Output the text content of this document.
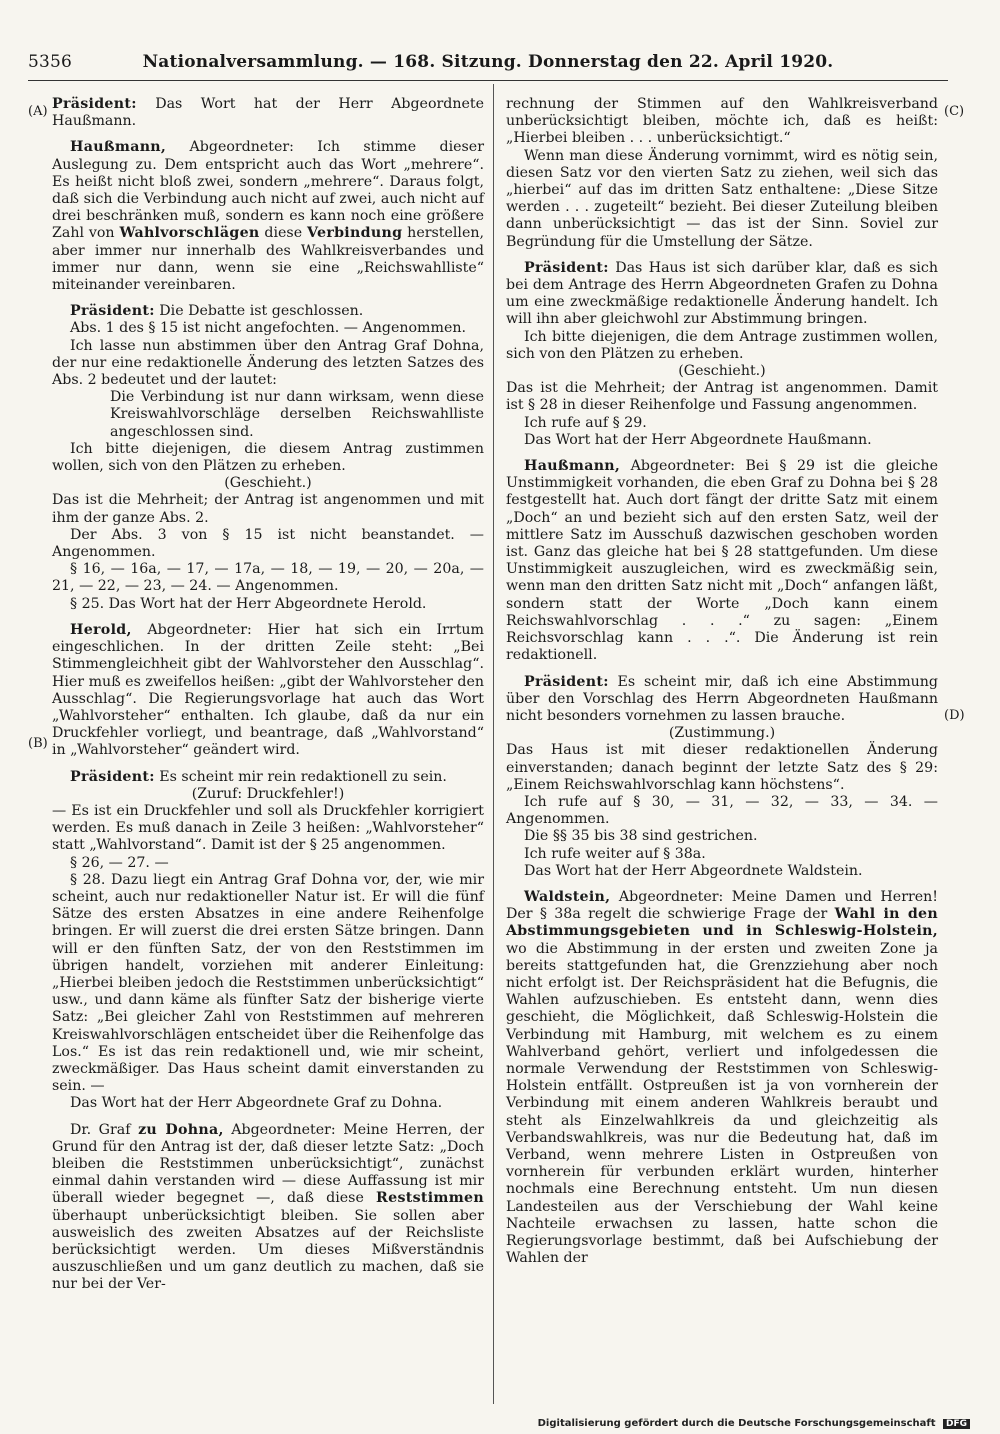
5356	Nationalversammlung. — 168. Sitzung. Donnerstag den 22. April 1920.
(A)
(B)
(C)
(D)

Präsident: Das Wort hat der Herr Abgeordnete Haußmann.

Haußmann, Abgeordneter: Ich stimme dieser Auslegung zu. Dem entspricht auch das Wort „mehrere“. Es heißt nicht bloß zwei, sondern „mehrere“. Daraus folgt, daß sich die Verbindung auch nicht auf zwei, auch nicht auf drei beschränken muß, sondern es kann noch eine größere Zahl von Wahlvorschlägen diese Verbindung herstellen, aber immer nur innerhalb des Wahlkreisverbandes und immer nur dann, wenn sie eine „Reichswahlliste“ miteinander vereinbaren.

Präsident: Die Debatte ist geschlossen.

Abs. 1 des § 15 ist nicht angefochten. — Angenommen.

Ich lasse nun abstimmen über den Antrag Graf Dohna, der nur eine redaktionelle Änderung des letzten Satzes des Abs. 2 bedeutet und der lautet:

Die Verbindung ist nur dann wirksam, wenn diese Kreiswahlvorschläge derselben Reichswahlliste angeschlossen sind.

Ich bitte diejenigen, die diesem Antrag zustimmen wollen, sich von den Plätzen zu erheben.

(Geschieht.)

Das ist die Mehrheit; der Antrag ist angenommen und mit ihm der ganze Abs. 2.

Der Abs. 3 von § 15 ist nicht beanstandet. — Angenommen.

§ 16, — 16a, — 17, — 17a, — 18, — 19, — 20, — 20a, — 21, — 22, — 23, — 24. — Angenommen.

§ 25. Das Wort hat der Herr Abgeordnete Herold.

Herold, Abgeordneter: Hier hat sich ein Irrtum eingeschlichen. In der dritten Zeile steht: „Bei Stimmengleichheit gibt der Wahlvorsteher den Ausschlag“. Hier muß es zweifellos heißen: „gibt der Wahlvorsteher den Ausschlag“. Die Regierungsvorlage hat auch das Wort „Wahlvorsteher“ enthalten. Ich glaube, daß da nur ein Druckfehler vorliegt, und beantrage, daß „Wahlvorstand“ in „Wahlvorsteher“ geändert wird.

Präsident: Es scheint mir rein redaktionell zu sein.

(Zuruf: Druckfehler!)

— Es ist ein Druckfehler und soll als Druckfehler korrigiert werden. Es muß danach in Zeile 3 heißen: „Wahlvorsteher“ statt „Wahlvorstand“. Damit ist der § 25 angenommen.

§ 26, — 27. —

§ 28. Dazu liegt ein Antrag Graf Dohna vor, der, wie mir scheint, auch nur redaktioneller Natur ist. Er will die fünf Sätze des ersten Absatzes in eine andere Reihenfolge bringen. Er will zuerst die drei ersten Sätze bringen. Dann will er den fünften Satz, der von den Reststimmen im übrigen handelt, vorziehen mit anderer Einleitung: „Hierbei bleiben jedoch die Reststimmen unberücksichtigt“ usw., und dann käme als fünfter Satz der bisherige vierte Satz: „Bei gleicher Zahl von Reststimmen auf mehreren Kreiswahlvorschlägen entscheidet über die Reihenfolge das Los.“ Es ist das rein redaktionell und, wie mir scheint, zweckmäßiger. Das Haus scheint damit einverstanden zu sein. —

Das Wort hat der Herr Abgeordnete Graf zu Dohna.

Dr. Graf zu Dohna, Abgeordneter: Meine Herren, der Grund für den Antrag ist der, daß dieser letzte Satz: „Doch bleiben die Reststimmen unberücksichtigt“, zunächst einmal dahin verstanden wird — diese Auffassung ist mir überall wieder begegnet —, daß diese Reststimmen überhaupt unberücksichtigt bleiben. Sie sollen aber ausweislich des zweiten Absatzes auf der Reichsliste berücksichtigt werden. Um dieses Mißverständnis auszuschließen und um ganz deutlich zu machen, daß sie nur bei der Ver-

rechnung der Stimmen auf den Wahlkreisverband unberücksichtigt bleiben, möchte ich, daß es heißt: „Hierbei bleiben . . . unberücksichtigt.“

Wenn man diese Änderung vornimmt, wird es nötig sein, diesen Satz vor den vierten Satz zu ziehen, weil sich das „hierbei“ auf das im dritten Satz enthaltene: „Diese Sitze werden . . . zugeteilt“ bezieht. Bei dieser Zuteilung bleiben dann unberücksichtigt — das ist der Sinn. Soviel zur Begründung für die Umstellung der Sätze.

Präsident: Das Haus ist sich darüber klar, daß es sich bei dem Antrage des Herrn Abgeordneten Grafen zu Dohna um eine zweckmäßige redaktionelle Änderung handelt. Ich will ihn aber gleichwohl zur Abstimmung bringen.

Ich bitte diejenigen, die dem Antrage zustimmen wollen, sich von den Plätzen zu erheben.

(Geschieht.)

Das ist die Mehrheit; der Antrag ist angenommen. Damit ist § 28 in dieser Reihenfolge und Fassung angenommen.

Ich rufe auf § 29.

Das Wort hat der Herr Abgeordnete Haußmann.

Haußmann, Abgeordneter: Bei § 29 ist die gleiche Unstimmigkeit vorhanden, die eben Graf zu Dohna bei § 28 festgestellt hat. Auch dort fängt der dritte Satz mit einem „Doch“ an und bezieht sich auf den ersten Satz, weil der mittlere Satz im Ausschuß dazwischen geschoben worden ist. Ganz das gleiche hat bei § 28 stattgefunden. Um diese Unstimmigkeit auszugleichen, wird es zweckmäßig sein, wenn man den dritten Satz nicht mit „Doch“ anfangen läßt, sondern statt der Worte „Doch kann einem Reichswahlvorschlag . . .“ zu sagen: „Einem Reichsvorschlag kann . . .“. Die Änderung ist rein redaktionell.

Präsident: Es scheint mir, daß ich eine Abstimmung über den Vorschlag des Herrn Abgeordneten Haußmann nicht besonders vornehmen zu lassen brauche.

(Zustimmung.)

Das Haus ist mit dieser redaktionellen Änderung einverstanden; danach beginnt der letzte Satz des § 29: „Einem Reichswahlvorschlag kann höchstens“.

Ich rufe auf § 30, — 31, — 32, — 33, — 34. — Angenommen.

Die §§ 35 bis 38 sind gestrichen.

Ich rufe weiter auf § 38a.

Das Wort hat der Herr Abgeordnete Waldstein.

Waldstein, Abgeordneter: Meine Damen und Herren! Der § 38a regelt die schwierige Frage der Wahl in den Abstimmungsgebieten und in Schleswig-Holstein, wo die Abstimmung in der ersten und zweiten Zone ja bereits stattgefunden hat, die Grenzziehung aber noch nicht erfolgt ist. Der Reichspräsident hat die Befugnis, die Wahlen aufzuschieben. Es entsteht dann, wenn dies geschieht, die Möglichkeit, daß Schleswig-Holstein die Verbindung mit Hamburg, mit welchem es zu einem Wahlverband gehört, verliert und infolgedessen die normale Verwendung der Reststimmen von Schleswig-Holstein entfällt. Ostpreußen ist ja von vornherein der Verbindung mit einem anderen Wahlkreis beraubt und steht als Einzelwahlkreis da und gleichzeitig als Verbandswahlkreis, was nur die Bedeutung hat, daß im Verband, wenn mehrere Listen in Ostpreußen von vornherein für verbunden erklärt wurden, hinterher nochmals eine Berechnung entsteht. Um nun diesen Landesteilen aus der Verschiebung der Wahl keine Nachteile erwachsen zu lassen, hatte schon die Regierungsvorlage bestimmt, daß bei Aufschiebung der Wahlen der

Digitalisierung gefördert durch die Deutsche Forschungsgemeinschaft DFG
